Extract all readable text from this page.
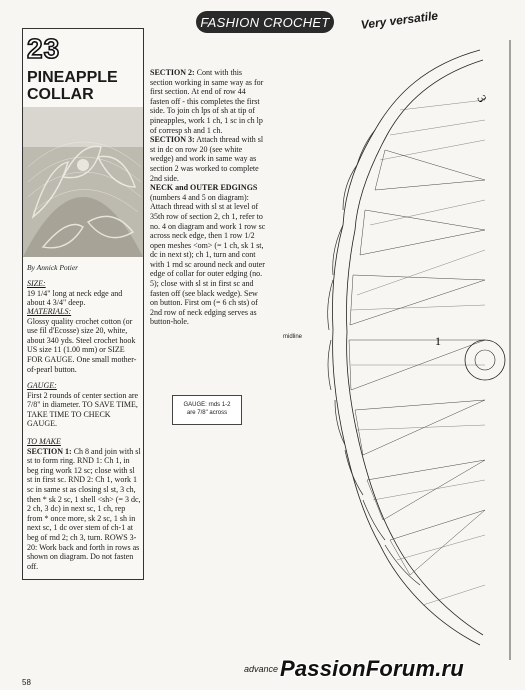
FASHION CROCHET	Very versatile
23
PINEAPPLE
COLLAR
By Annick Potier
SIZE:
19 1/4" long at neck edge and about 4 3/4" deep.
MATERIALS:
Glossy quality crochet cotton (or use fil d'Ecosse) size 20, white, about 340 yds. Steel crochet hook US size 11 (1.00 mm) or SIZE FOR GAUGE. One small mother-of-pearl button.
GAUGE:
First 2 rounds of center section are 7/8" in diameter. TO SAVE TIME, TAKE TIME TO CHECK GAUGE.
TO MAKE
SECTION 1: Ch 8 and join with sl st to form ring. RND 1: Ch 1, in beg ring work 12 sc; close with sl st in first sc. RND 2: Ch 1, work 1 sc in same st as closing sl st, 3 ch, then * sk 2 sc, 1 shell <sh> (= 3 dc, 2 ch, 3 dc) in next sc, 1 ch, rep from * once more, sk 2 sc, 1 sh in next sc, 1 dc over stem of ch-1 at beg of rnd 2; ch 3, turn. ROWS 3-20: Work back and forth in rows as shown on diagram. Do not fasten off.

SECTION 2: Cont with this section working in same way as for first section. At end of row 44 fasten off - this completes the first side. To join ch lps of sh at tip of pineapples, work 1 ch, 1 sc in ch lp of corresp sh and 1 ch.

SECTION 3: Attach thread with sl st in dc on row 20 (see white wedge) and work in same way as section 2 was worked to complete 2nd side.

NECK and OUTER EDGINGS (numbers 4 and 5 on diagram): Attach thread with sl st at level of 35th row of section 2, ch 1, refer to no. 4 on diagram and work 1 row sc across neck edge, then 1 row 1/2 open meshes <om> (= 1 ch, sk 1 st, dc in next st); ch 1, turn and cont with 1 rnd sc around neck and outer edge of collar for outer edging (no. 5); close with sl st in first sc and fasten off (see black wedge). Sew on button. First om (= 6 ch sts) of 2nd row of neck edging serves as button-hole.

GAUGE: rnds 1-2
are 7/8" across
midline	1
3
advance PassionForum.ru
58
